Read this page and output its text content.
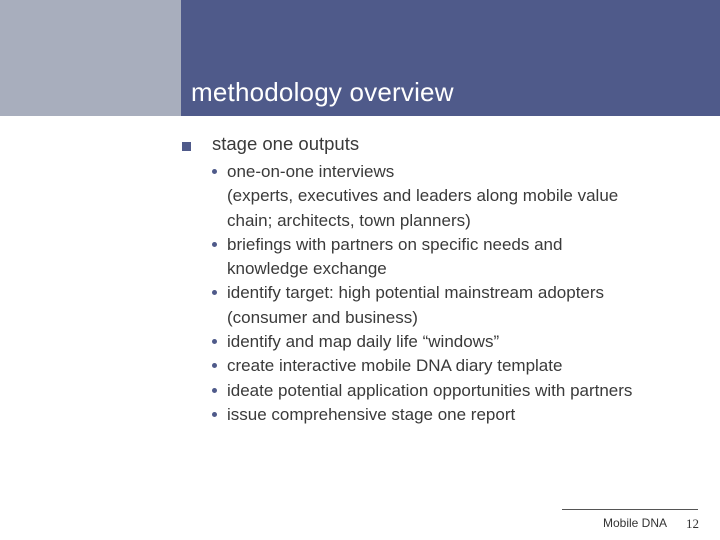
methodology overview
stage one outputs
one-on-one interviews
(experts, executives and leaders along mobile value
chain; architects, town planners)
briefings with partners on specific needs and
knowledge exchange
identify target: high potential mainstream adopters
(consumer and business)
identify and map daily life “windows”
create interactive mobile DNA diary template
ideate potential application opportunities with partners
issue comprehensive stage one report
Mobile DNA 12
